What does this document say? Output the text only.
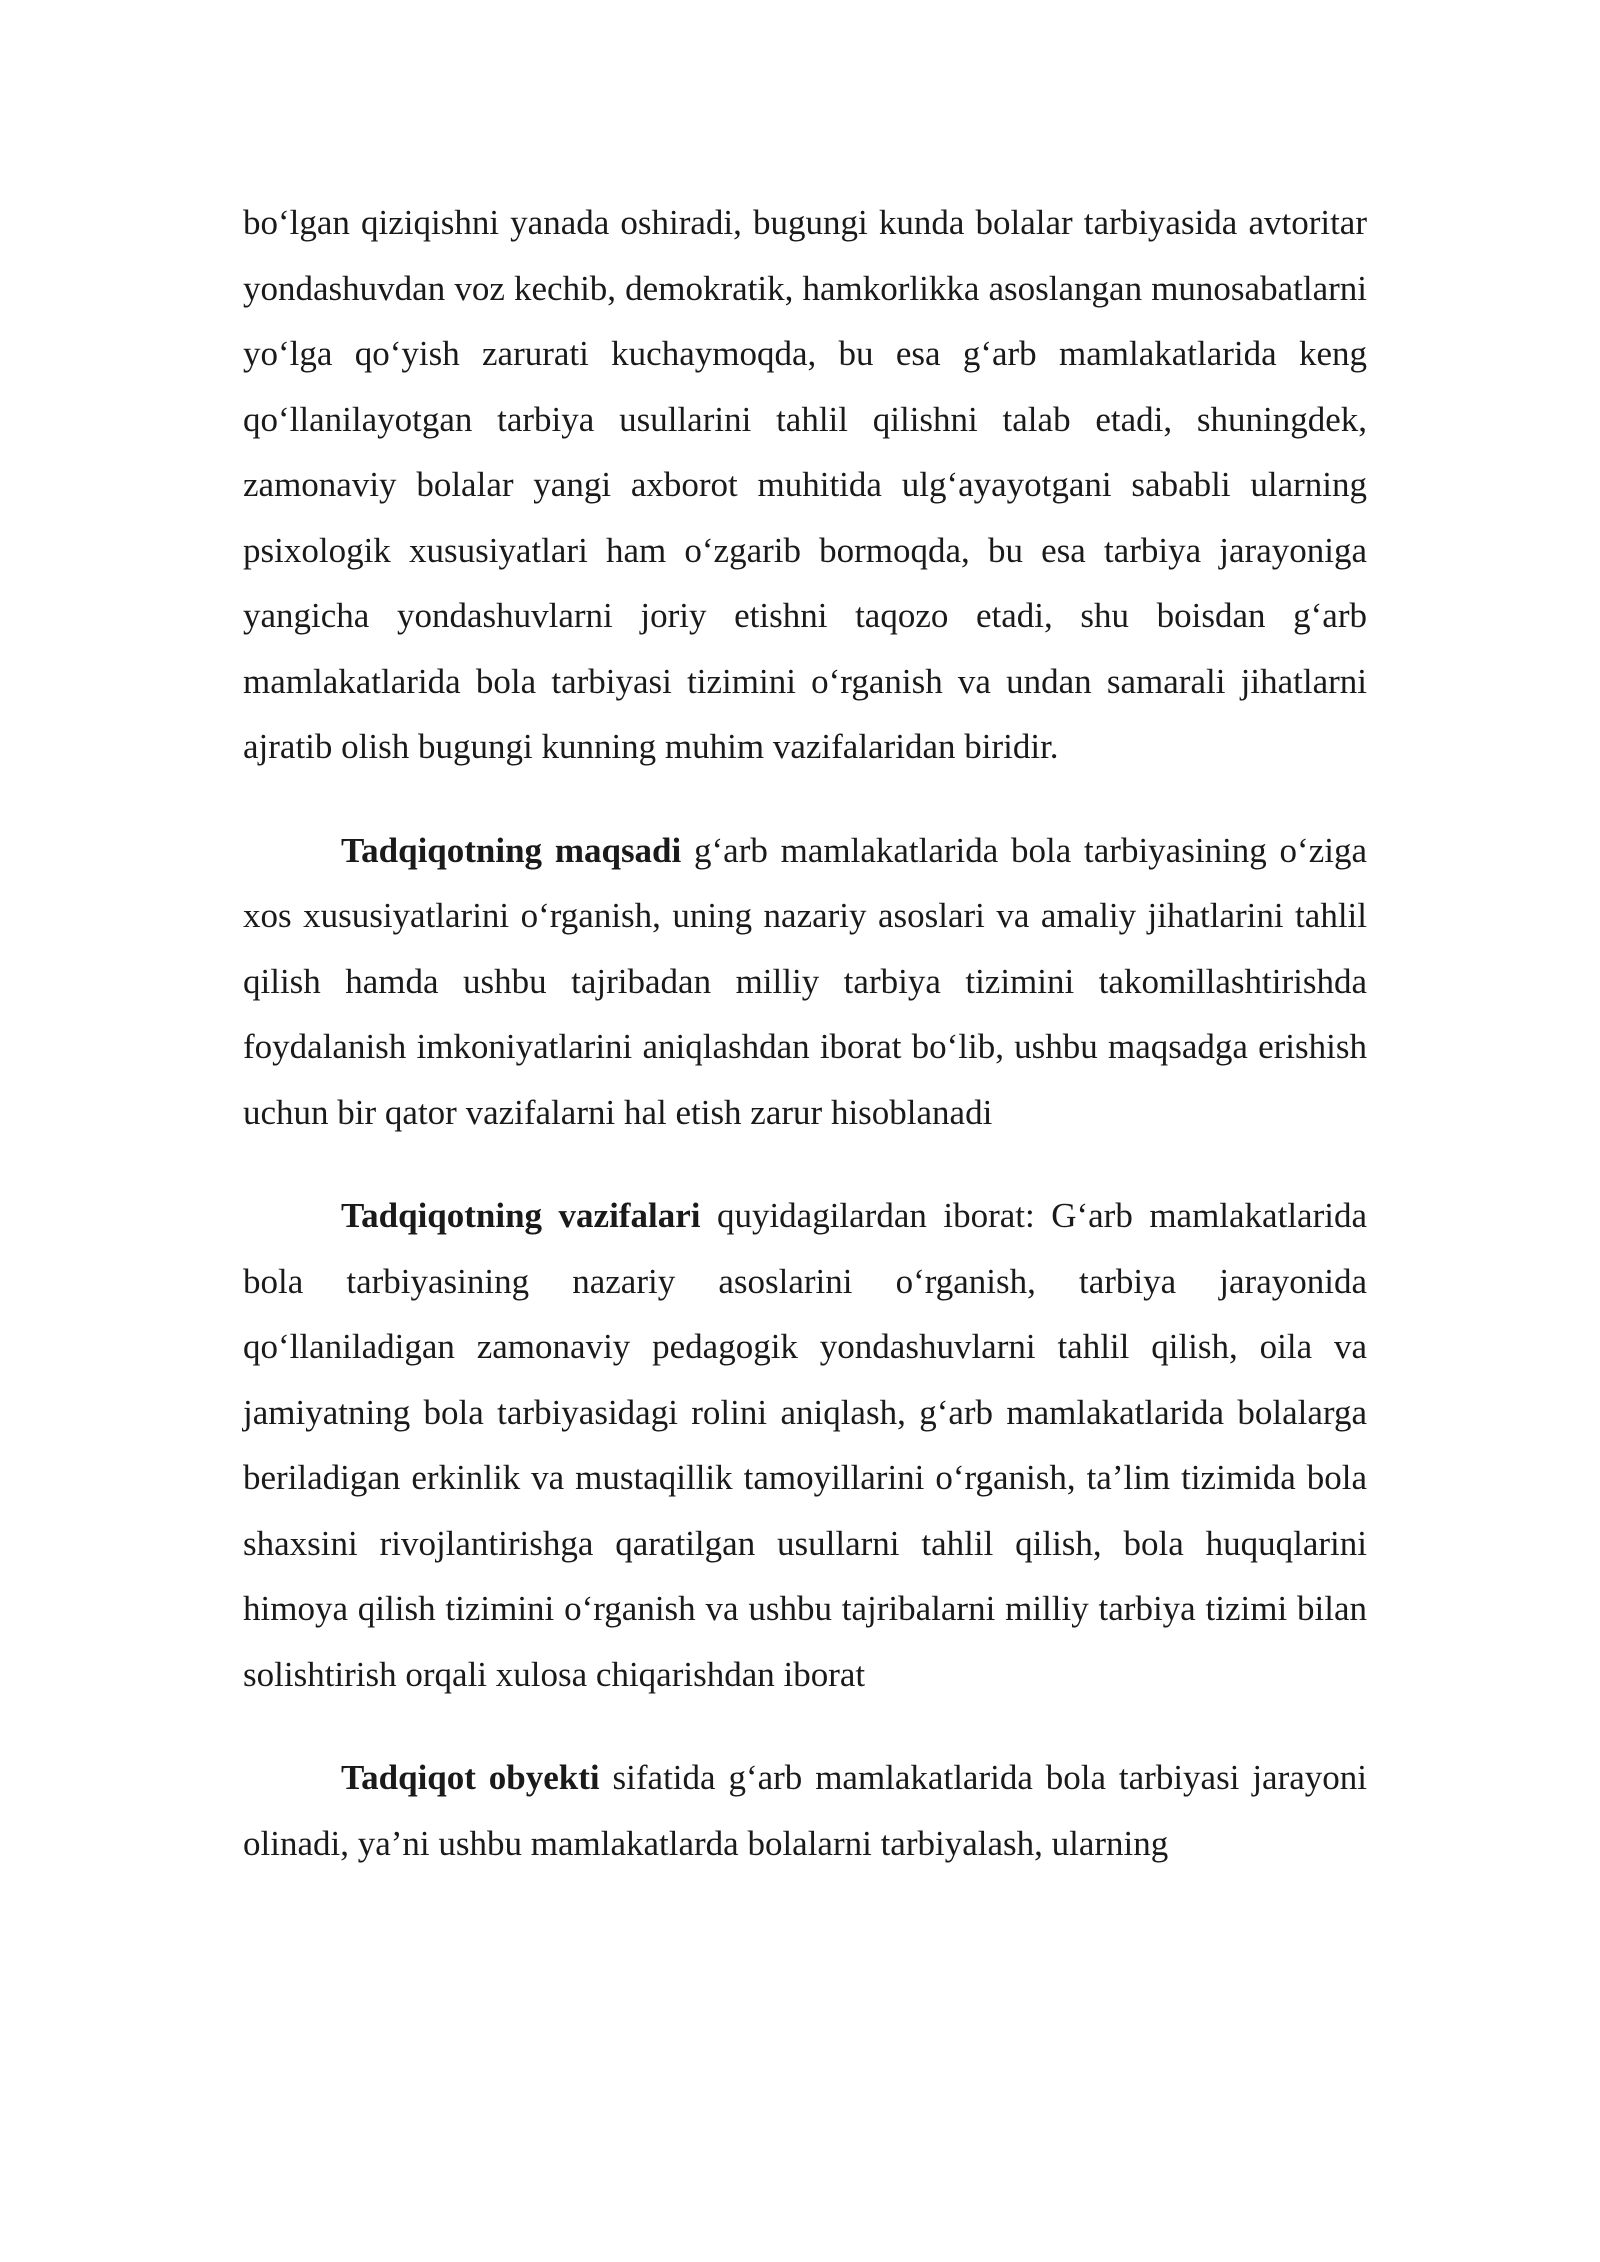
bo‘lgan qiziqishni yanada oshiradi, bugungi kunda bolalar tarbiyasida avtoritar yondashuvdan voz kechib, demokratik, hamkorlikka asoslangan munosabatlarni yo‘lga qo‘yish zarurati kuchaymoqda, bu esa g‘arb mamlakatlarida keng qo‘llanilayotgan tarbiya usullarini tahlil qilishni talab etadi, shuningdek, zamonaviy bolalar yangi axborot muhitida ulg‘ayayotgani sababli ularning psixologik xususiyatlari ham o‘zgarib bormoqda, bu esa tarbiya jarayoniga yangicha yondashuvlarni joriy etishni taqozo etadi, shu boisdan g‘arb mamlakatlarida bola tarbiyasi tizimini o‘rganish va undan samarali jihatlarni ajratib olish bugungi kunning muhim vazifalaridan biridir.

Tadqiqotning maqsadi g‘arb mamlakatlarida bola tarbiyasining o‘ziga xos xususiyatlarini o‘rganish, uning nazariy asoslari va amaliy jihatlarini tahlil qilish hamda ushbu tajribadan milliy tarbiya tizimini takomillashtirishda foydalanish imkoniyatlarini aniqlashdan iborat bo‘lib, ushbu maqsadga erishish uchun bir qator vazifalarni hal etish zarur hisoblanadi

Tadqiqotning vazifalari quyidagilardan iborat: G‘arb mamlakatlarida bola tarbiyasining nazariy asoslarini o‘rganish, tarbiya jarayonida qo‘llaniladigan zamonaviy pedagogik yondashuvlarni tahlil qilish, oila va jamiyatning bola tarbiyasidagi rolini aniqlash, g‘arb mamlakatlarida bolalarga beriladigan erkinlik va mustaqillik tamoyillarini o‘rganish, ta’lim tizimida bola shaxsini rivojlantirishga qaratilgan usullarni tahlil qilish, bola huquqlarini himoya qilish tizimini o‘rganish va ushbu tajribalarni milliy tarbiya tizimi bilan solishtirish orqali xulosa chiqarishdan iborat

Tadqiqot obyekti sifatida g‘arb mamlakatlarida bola tarbiyasi jarayoni olinadi, ya’ni ushbu mamlakatlarda bolalarni tarbiyalash, ularning
